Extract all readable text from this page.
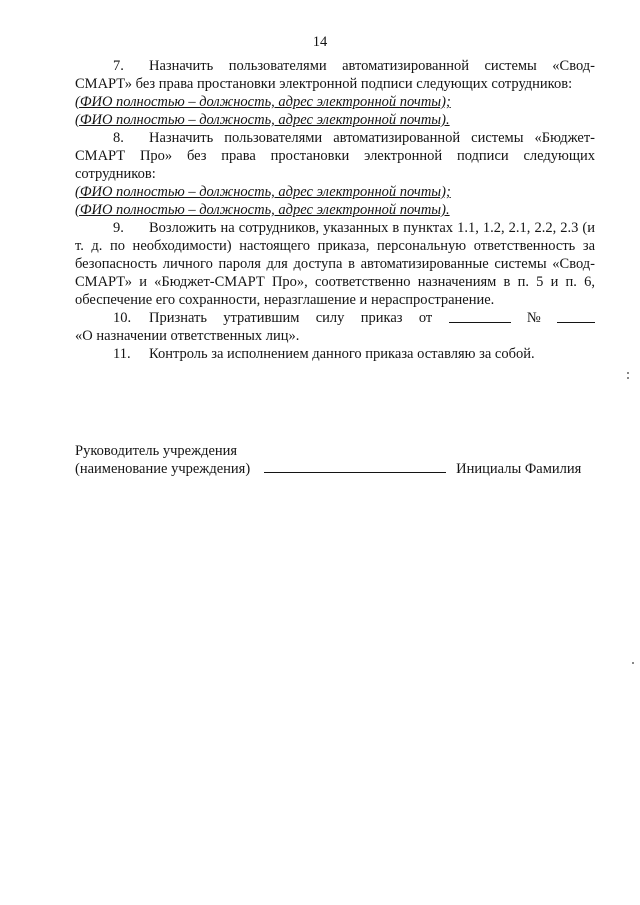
14

7. Назначить пользователями автоматизированной системы «Свод-СМАРТ» без права простановки электронной подписи следующих сотрудников:

(ФИО полностью – должность, адрес электронной почты);

(ФИО полностью – должность, адрес электронной почты).

8. Назначить пользователями автоматизированной системы «Бюджет-СМАРТ Про» без права простановки электронной подписи следующих сотрудников:

(ФИО полностью – должность, адрес электронной почты);

(ФИО полностью – должность, адрес электронной почты).

9. Возложить на сотрудников, указанных в пунктах 1.1, 1.2, 2.1, 2.2, 2.3 (и т. д. по необходимости) настоящего приказа, персональную ответственность за безопасность личного пароля для доступа в автоматизированные системы «Свод-СМАРТ» и «Бюджет-СМАРТ Про», соответственно назначениям в п. 5 и п. 6, обеспечение его сохранности, неразглашение и нераспространение.

10. Признать утратившим силу приказ от	№

«О назначении ответственных лиц».

11. Контроль за исполнением данного приказа оставляю за собой.

Руководитель учреждения
(наименование учреждения)	Инициалы Фамилия
